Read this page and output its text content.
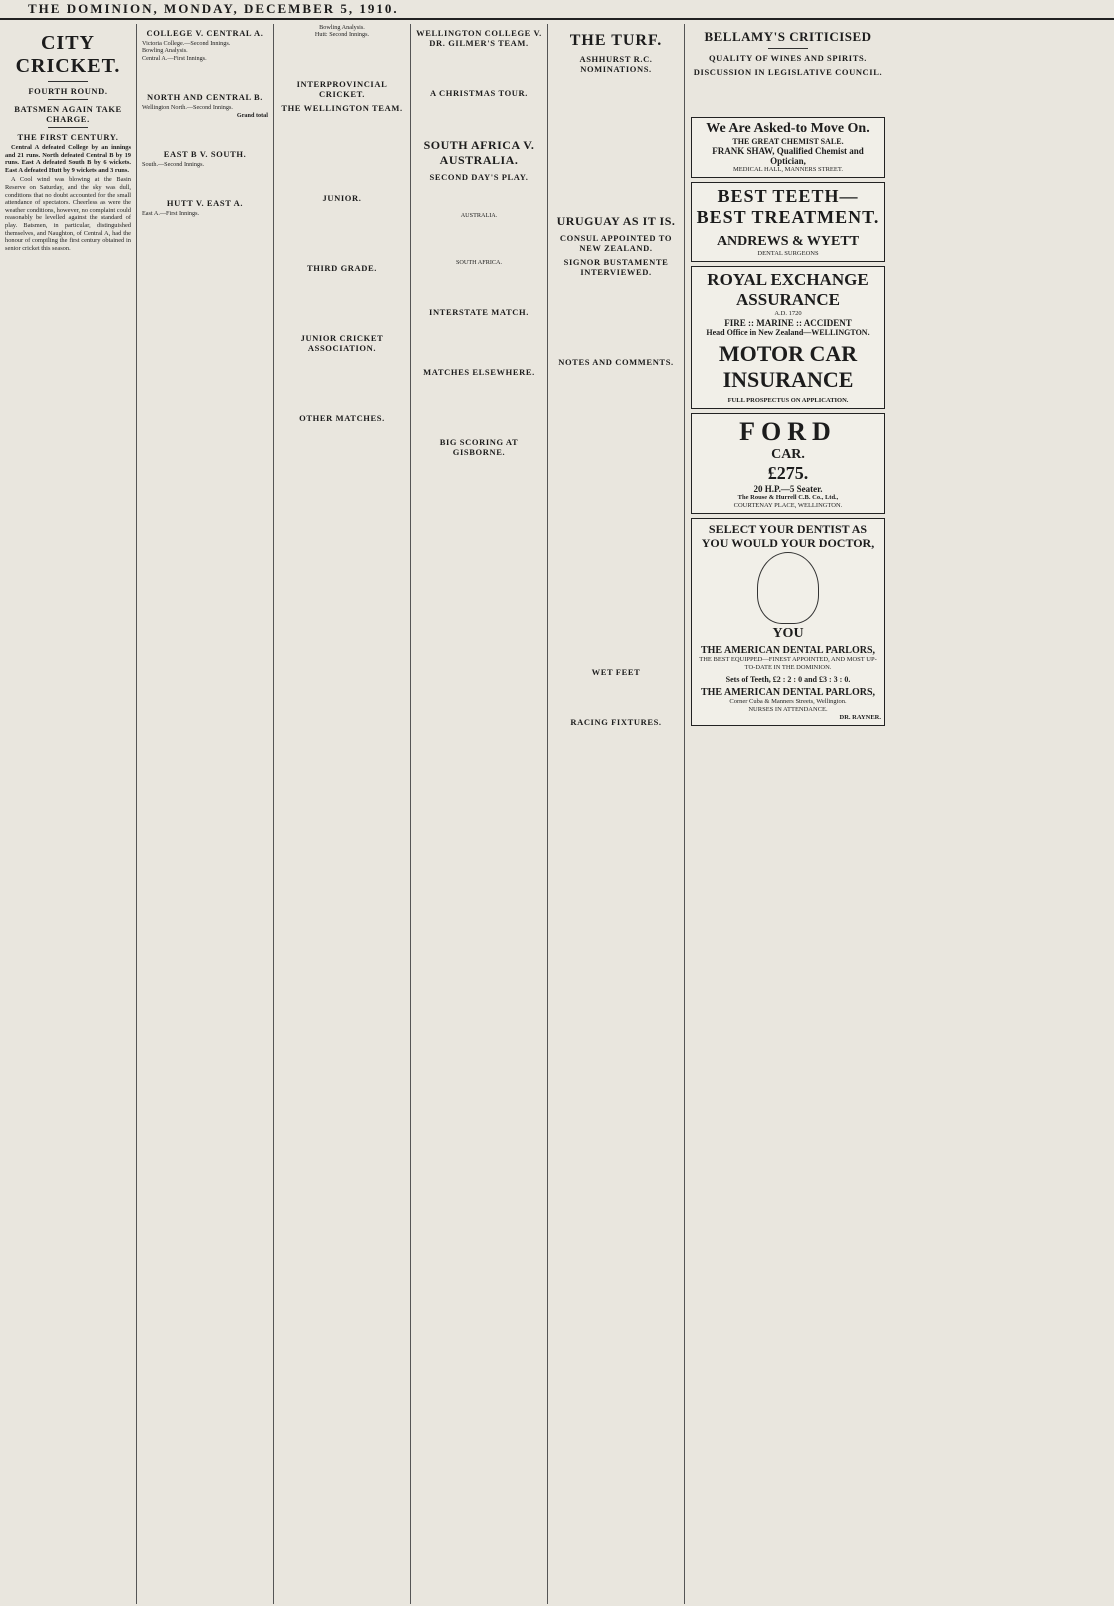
THE DOMINION, MONDAY, DECEMBER 5, 1910.
CITY CRICKET.
FOURTH ROUND.
BATSMEN AGAIN TAKE CHARGE.
THE FIRST CENTURY.

Central A defeated College by an innings and 21 runs. North defeated Central B by 19 runs. East A defeated South B by 6 wickets. East A defeated Hutt by 9 wickets and 3 runs.

A Cool wind was blowing at the Basin Reserve on Saturday, and the sky was dull, conditions that no doubt accounted for the small attendance of spectators. Cheerless as were the weather conditions, however, no complaint could reasonably be levelled against the standard of play. Batsmen, in particular, distinguished themselves, and Naughton, of Central A, had the honour of compiling the first century obtained in senior cricket this season.

COLLEGE V. CENTRAL A.

Victoria College.—Second Innings.

Bowling Analysis.

Central A.—First Innings.

NORTH AND CENTRAL B.

Wellington North.—Second Innings.

Grand total

EAST B V. SOUTH.

South.—Second Innings.

HUTT V. EAST A.

East A.—First Innings.

Bowling Analysis.

Hutt: Second Innings.

INTERPROVINCIAL CRICKET.
THE WELLINGTON TEAM.
JUNIOR.
THIRD GRADE.
JUNIOR CRICKET ASSOCIATION.
OTHER MATCHES.
WELLINGTON COLLEGE V. DR. GILMER'S TEAM.
A CHRISTMAS TOUR.
SOUTH AFRICA V. AUSTRALIA.
SECOND DAY'S PLAY.

AUSTRALIA.

SOUTH AFRICA.

INTERSTATE MATCH.
MATCHES ELSEWHERE.
BIG SCORING AT GISBORNE.
THE TURF.
ASHHURST R.C. NOMINATIONS.
URUGUAY AS IT IS.
CONSUL APPOINTED TO NEW ZEALAND.
SIGNOR BUSTAMENTE INTERVIEWED.
NOTES AND COMMENTS.
WET FEET
RACING FIXTURES.
BELLAMY'S CRITICISED
QUALITY OF WINES AND SPIRITS.
DISCUSSION IN LEGISLATIVE COUNCIL.
We Are Asked-to Move On.
THE GREAT CHEMIST SALE.
FRANK SHAW, Qualified Chemist and Optician,
MEDICAL HALL, MANNERS STREET.
BEST TEETH—BEST TREATMENT.
ANDREWS & WYETT
DENTAL SURGEONS
ROYAL EXCHANGE ASSURANCE
A.D. 1720
FIRE :: MARINE :: ACCIDENT
Head Office in New Zealand—WELLINGTON.
MOTOR CAR INSURANCE
FULL PROSPECTUS ON APPLICATION.
FORD
CAR.
£275.
20 H.P.—5 Seater.
The Rouse & Hurrell C.B. Co., Ltd.,
COURTENAY PLACE, WELLINGTON.
SELECT YOUR DENTIST AS YOU WOULD YOUR DOCTOR,
YOU
THE AMERICAN DENTAL PARLORS,
THE BEST EQUIPPED—FINEST APPOINTED, AND MOST UP-TO-DATE IN THE DOMINION.
Sets of Teeth, £2 : 2 : 0 and £3 : 3 : 0.
THE AMERICAN DENTAL PARLORS,
Corner Cuba & Manners Streets, Wellington.
NURSES IN ATTENDANCE.
DR. RAYNER.
